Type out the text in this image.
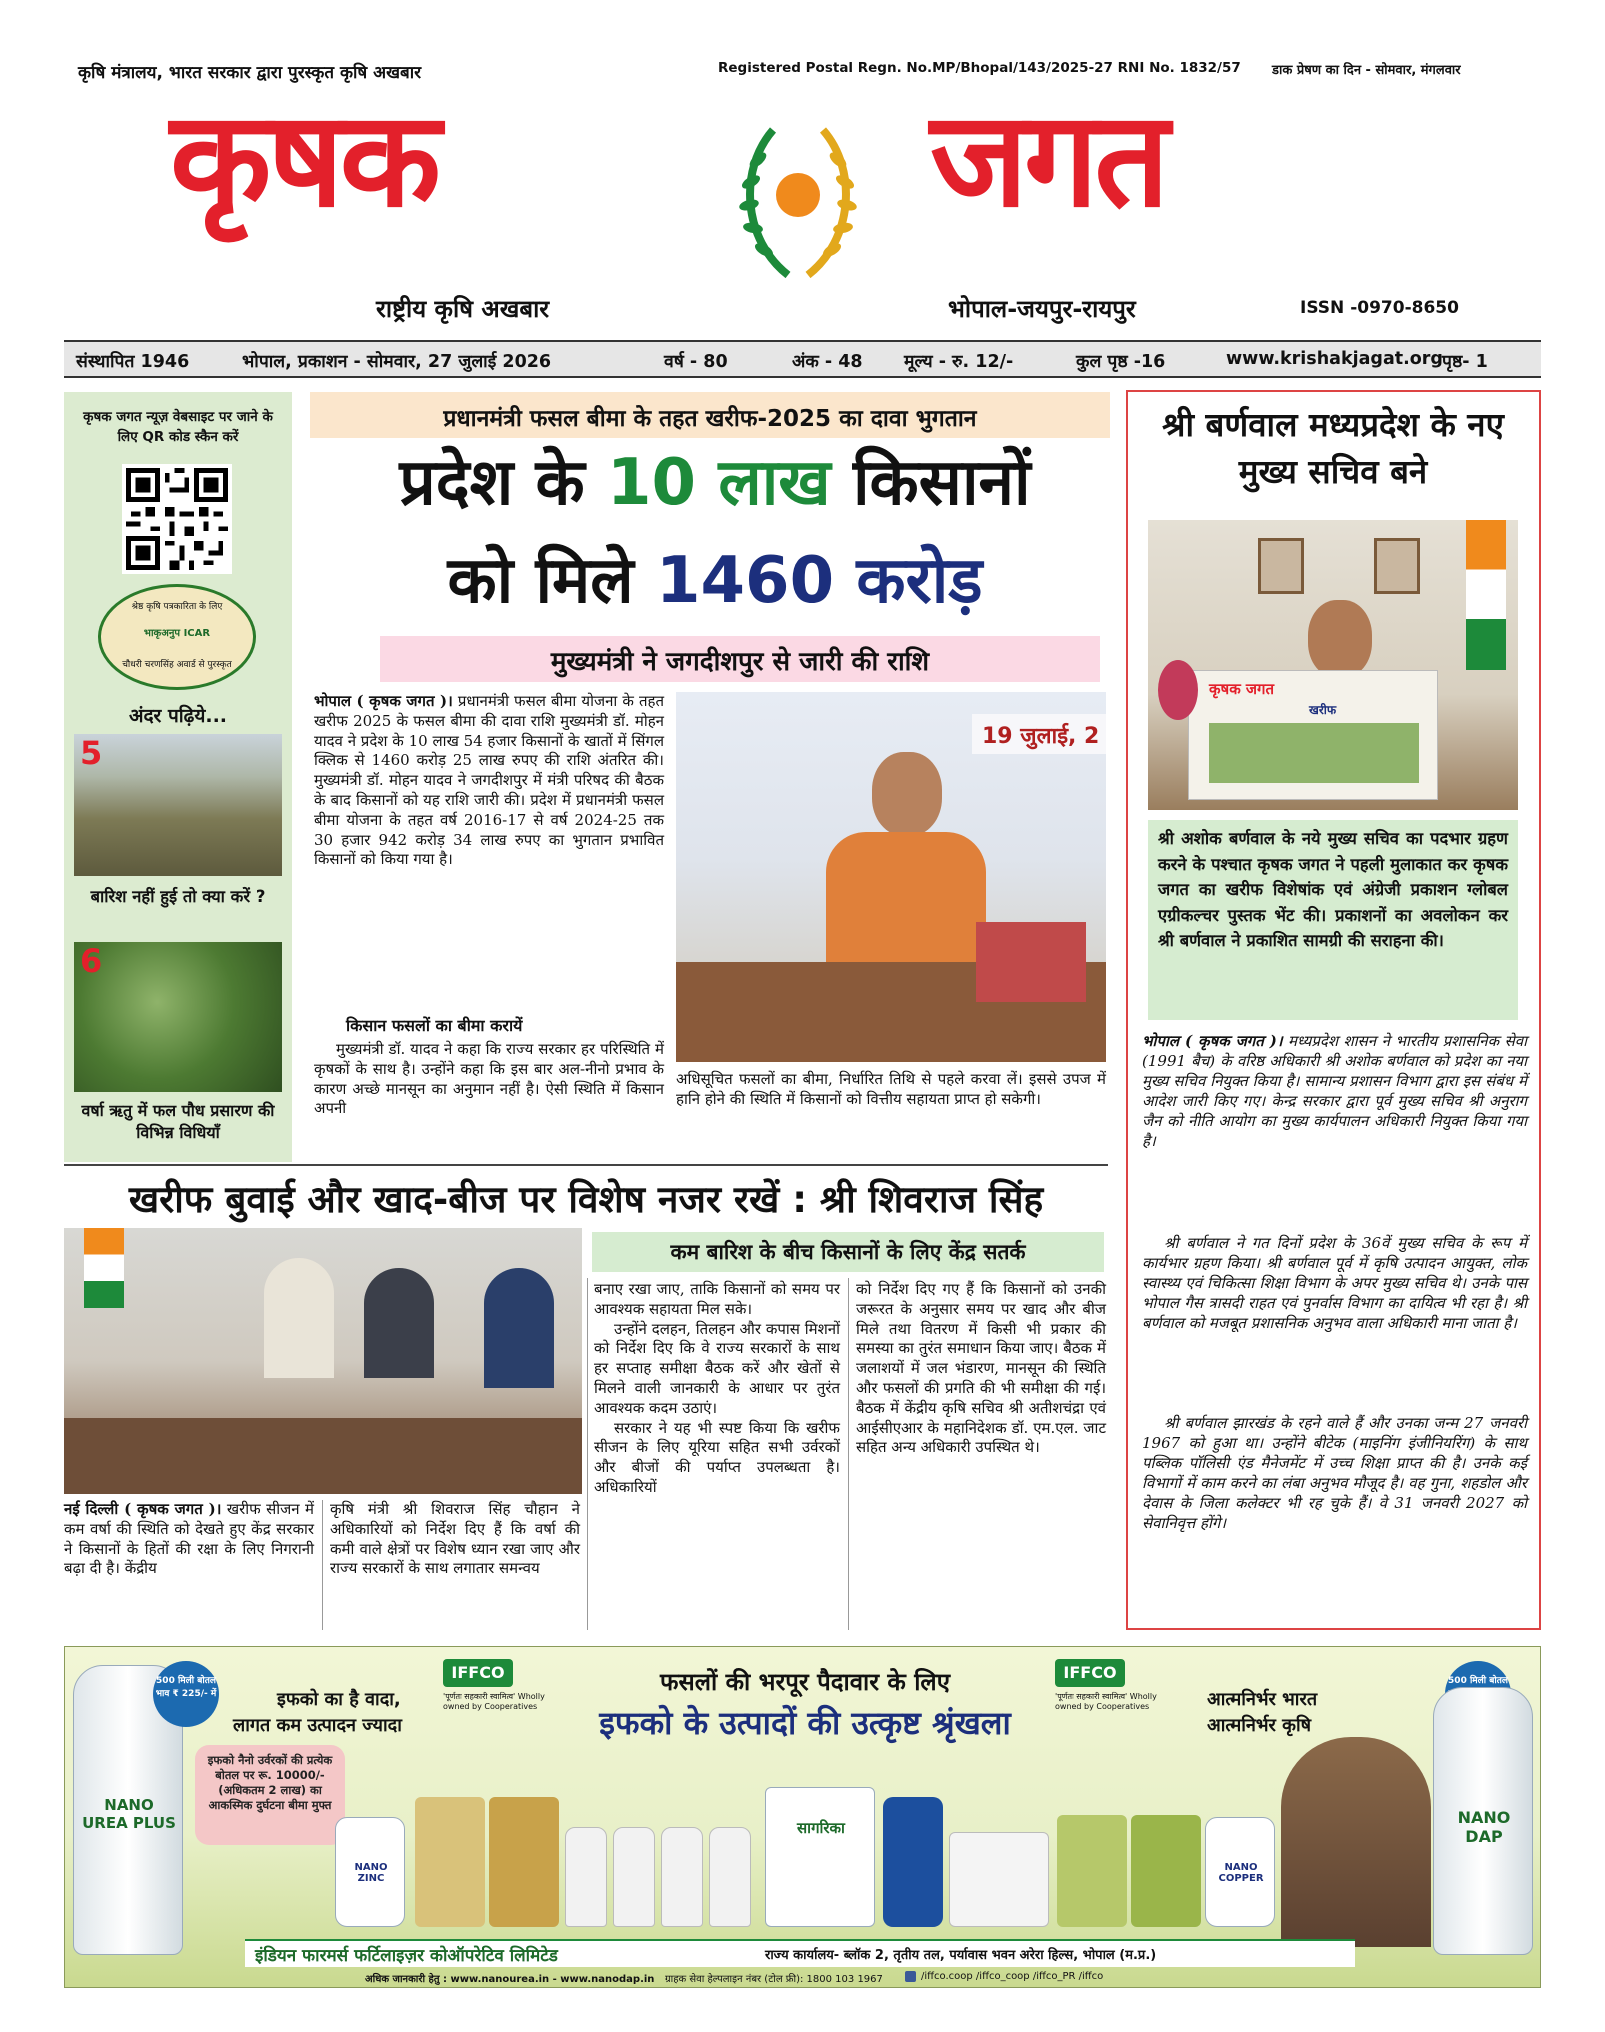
कृषि मंत्रालय, भारत सरकार द्वारा पुरस्कृत कृषि अखबार	Registered Postal Regn. No.MP/Bhopal/143/2025-27 RNI No. 1832/57 डाक प्रेषण का दिन - सोमवार, मंगलवार
कृषक	जगत
राष्ट्रीय कृषि अखबार	भोपाल-जयपुर-रायपुर	ISSN -0970-8650
संस्थापित 1946	भोपाल, प्रकाशन - सोमवार, 27 जुलाई 2026	वर्ष - 80	अंक - 48 मूल्य - रु. 12/-	कुल पृष्ठ -16	www.krishakjagat.org पृष्ठ- 1
कृषक जगत न्यूज़ वेबसाइट पर जाने के लिए QR कोड स्कैन करें
श्रेष्ठ कृषि पत्रकारिता के लिए
भाकृअनुप ICAR
चौधरी चरणसिंह अवार्ड से पुरस्कृत
अंदर पढ़िये...
5
बारिश नहीं हुई तो क्या करें ?
6
वर्षा ऋतु में फल पौध प्रसारण की विभिन्न विधियाँ
प्रधानमंत्री फसल बीमा के तहत खरीफ-2025 का दावा भुगतान
प्रदेश के 10 लाख किसानों
को मिले 1460 करोड़
मुख्यमंत्री ने जगदीशपुर से जारी की राशि
भोपाल ( कृषक जगत )। प्रधानमंत्री फसल बीमा योजना के तहत खरीफ 2025 के फसल बीमा की दावा राशि मुख्यमंत्री डॉ. मोहन यादव ने प्रदेश के 10 लाख 54 हजार किसानों के खातों में सिंगल क्लिक से 1460 करोड़ 25 लाख रुपए की राशि अंतरित की। मुख्यमंत्री डॉ. मोहन यादव ने जगदीशपुर में मंत्री परिषद की बैठक के बाद किसानों को यह राशि जारी की। प्रदेश में प्रधानमंत्री फसल बीमा योजना के तहत वर्ष 2016-17 से वर्ष 2024-25 तक 30 हजार 942 करोड़ 34 लाख रुपए का भुगतान प्रभावित किसानों को किया गया है।
किसान फसलों का बीमा करायें
मुख्यमंत्री डॉ. यादव ने कहा कि राज्य सरकार हर परिस्थिति में कृषकों के साथ है। उन्होंने कहा कि इस बार अल-नीनो प्रभाव के कारण अच्छे मानसून का अनुमान नहीं है। ऐसी स्थिति में किसान अपनी
19 जुलाई, 2
अधिसूचित फसलों का बीमा, निर्धारित तिथि से पहले करवा लें। इससे उपज में हानि होने की स्थिति में किसानों को वित्तीय सहायता प्राप्त हो सकेगी।
श्री बर्णवाल मध्यप्रदेश के नए मुख्य सचिव बने
कृषक जगत
खरीफ
श्री अशोक बर्णवाल के नये मुख्य सचिव का पदभार ग्रहण करने के पश्चात कृषक जगत ने पहली मुलाकात कर कृषक जगत का खरीफ विशेषांक एवं अंग्रेजी प्रकाशन ग्लोबल एग्रीकल्चर पुस्तक भेंट की। प्रकाशनों का अवलोकन कर श्री बर्णवाल ने प्रकाशित सामग्री की सराहना की।
भोपाल ( कृषक जगत )। मध्यप्रदेश शासन ने भारतीय प्रशासनिक सेवा (1991 बैच) के वरिष्ठ अधिकारी श्री अशोक बर्णवाल को प्रदेश का नया मुख्य सचिव नियुक्त किया है। सामान्य प्रशासन विभाग द्वारा इस संबंध में आदेश जारी किए गए। केन्द्र सरकार द्वारा पूर्व मुख्य सचिव श्री अनुराग जैन को नीति आयोग का मुख्य कार्यपालन अधिकारी नियुक्त किया गया है।
श्री बर्णवाल ने गत दिनों प्रदेश के 36वें मुख्य सचिव के रूप में कार्यभार ग्रहण किया। श्री बर्णवाल पूर्व में कृषि उत्पादन आयुक्त, लोक स्वास्थ्य एवं चिकित्सा शिक्षा विभाग के अपर मुख्य सचिव थे। उनके पास भोपाल गैस त्रासदी राहत एवं पुनर्वास विभाग का दायित्व भी रहा है। श्री बर्णवाल को मजबूत प्रशासनिक अनुभव वाला अधिकारी माना जाता है।
श्री बर्णवाल झारखंड के रहने वाले हैं और उनका जन्म 27 जनवरी 1967 को हुआ था। उन्होंने बीटेक (माइनिंग इंजीनियरिंग) के साथ पब्लिक पॉलिसी एंड मैनेजमेंट में उच्च शिक्षा प्राप्त की है। उनके कई विभागों में काम करने का लंबा अनुभव मौजूद है। वह गुना, शहडोल और देवास के जिला कलेक्टर भी रह चुके हैं। वे 31 जनवरी 2027 को सेवानिवृत्त होंगे।
खरीफ बुवाई और खाद-बीज पर विशेष नजर रखें : श्री शिवराज सिंह
कम बारिश के बीच किसानों के लिए केंद्र सतर्क
नई दिल्ली ( कृषक जगत )। खरीफ सीजन में कम वर्षा की स्थिति को देखते हुए केंद्र सरकार ने किसानों के हितों की रक्षा के लिए निगरानी बढ़ा दी है। केंद्रीय
कृषि मंत्री श्री शिवराज सिंह चौहान ने अधिकारियों को निर्देश दिए हैं कि वर्षा की कमी वाले क्षेत्रों पर विशेष ध्यान रखा जाए और राज्य सरकारों के साथ लगातार समन्वय
बनाए रखा जाए, ताकि किसानों को समय पर आवश्यक सहायता मिल सके।
उन्होंने दलहन, तिलहन और कपास मिशनों को निर्देश दिए कि वे राज्य सरकारों के साथ हर सप्ताह समीक्षा बैठक करें और खेतों से मिलने वाली जानकारी के आधार पर तुरंत आवश्यक कदम उठाएं।
सरकार ने यह भी स्पष्ट किया कि खरीफ सीजन के लिए यूरिया सहित सभी उर्वरकों और बीजों की पर्याप्त उपलब्धता है। अधिकारियों
को निर्देश दिए गए हैं कि किसानों को उनकी जरूरत के अनुसार समय पर खाद और बीज मिले तथा वितरण में किसी भी प्रकार की समस्या का तुरंत समाधान किया जाए। बैठक में जलाशयों में जल भंडारण, मानसून की स्थिति और फसलों की प्रगति की भी समीक्षा की गई। बैठक में केंद्रीय कृषि सचिव श्री अतीशचंद्रा एवं आईसीएआर के महानिदेशक डॉ. एम.एल. जाट सहित अन्य अधिकारी उपस्थित थे।
NANO UREA PLUS
500 मिली बोतल भाव ₹ 225/- में	इफको का है वादा,
लागत कम उत्पादन ज्यादा
इफको नैनो उर्वरकों की प्रत्येक बोतल पर रू. 10000/- (अधिकतम 2 लाख) का आकस्मिक दुर्घटना बीमा मुफ्त
IFFCO
'पूर्णतः सहकारी स्वामित्व' Wholly owned by Cooperatives
IFFCO
'पूर्णतः सहकारी स्वामित्व' Wholly owned by Cooperatives
फसलों की भरपूर पैदावार के लिए
इफको के उत्पादों की उत्कृष्ट श्रृंखला
आत्मनिर्भर भारत
आत्मनिर्भर कृषि
NANO ZINC
सागरिका
NANO COPPER
500 मिली बोतल
NANO DAP
इंडियन फारमर्स फर्टिलाइज़र कोऑपरेटिव लिमिटेड	राज्य कार्यालय- ब्लॉक 2, तृतीय तल, पर्यावास भवन अरेरा हिल्स, भोपाल (म.प्र.)
अधिक जानकारी हेतु : www.nanourea.in - www.nanodap.in ग्राहक सेवा हेल्पलाइन नंबर (टोल फ्री): 1800 103 1967	/iffco.coop /iffco_coop /iffco_PR /iffco
